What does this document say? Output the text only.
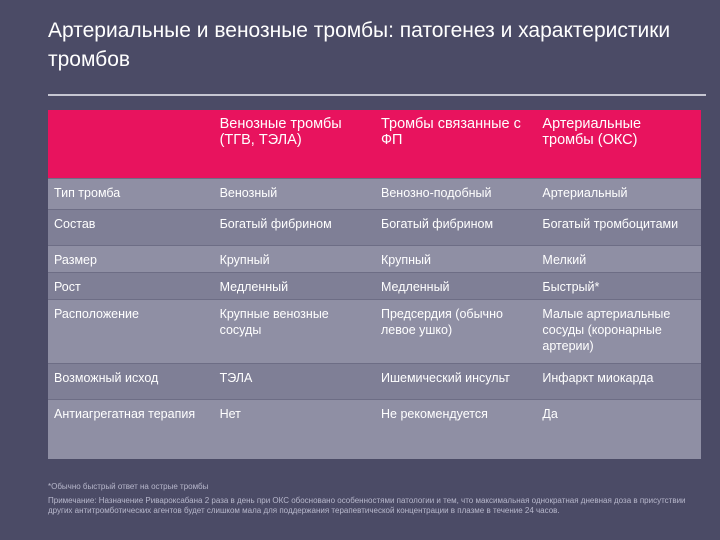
Артериальные и венозные тромбы: патогенез и характеристики тромбов
	Венозные тромбы (ТГВ, ТЭЛА)	Тромбы связанные с ФП	Артериальные тромбы (ОКС)
Тип тромба	Венозный	Венозно-подобный	Артериальный
Состав	Богатый фибрином	Богатый фибрином	Богатый тромбоцитами
Размер	Крупный	Крупный	Мелкий
Рост	Медленный	Медленный	Быстрый*
Расположение	Крупные венозные сосуды	Предсердия (обычно левое ушко)	Малые артериальные сосуды (коронарные артерии)
Возможный исход	ТЭЛА	Ишемический инсульт	Инфаркт миокарда
Антиагрегатная терапия	Нет	Не рекомендуется	Да

*Обычно быстрый ответ на острые тромбы

Примечание: Назначение Ривароксабана 2 раза в день при ОКС обосновано особенностями патологии и тем, что максимальная однократная дневная доза в присутствии других антитромботических агентов будет слишком мала для поддержания терапевтической концентрации в плазме в течение 24 часов.
